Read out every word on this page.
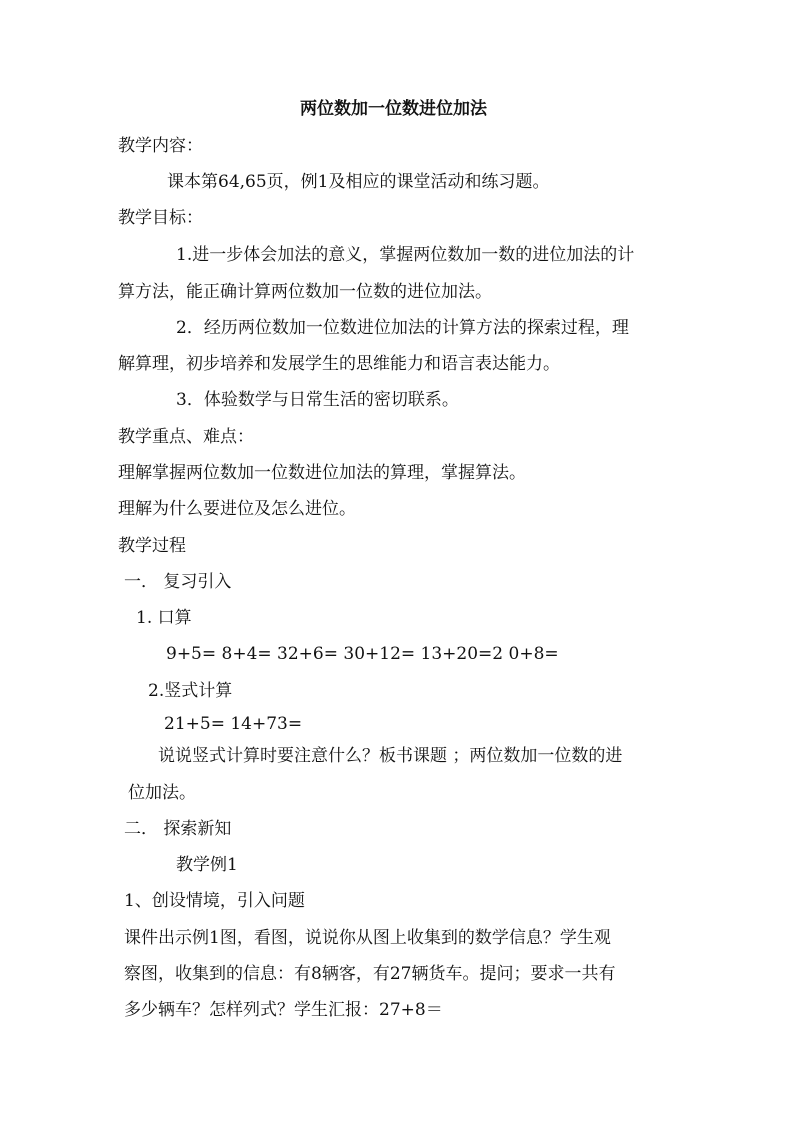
两位数加一位数进位加法
教学内容：
课本第64,65页，例1及相应的课堂活动和练习题。
教学目标：
1.进一步体会加法的意义，掌握两位数加一数的进位加法的计
算方法，能正确计算两位数加一位数的进位加法。
2．经历两位数加一位数进位加法的计算方法的探索过程，理
解算理，初步培养和发展学生的思维能力和语言表达能力。
3．体验数学与日常生活的密切联系。
教学重点、难点：
理解掌握两位数加一位数进位加法的算理，掌握算法。
理解为什么要进位及怎么进位。
教学过程
一． 复习引入
1. 口算
9+5= 8+4= 32+6= 30+12= 13+20=2 0+8=
2.竖式计算
21+5= 14+73=
说说竖式计算时要注意什么？板书课题 ；两位数加一位数的进
位加法。
二． 探索新知
教学例1
1、创设情境，引入问题
课件出示例1图，看图，说说你从图上收集到的数学信息？学生观
察图，收集到的信息：有8辆客，有27辆货车。提问；要求一共有
多少辆车？怎样列式？学生汇报：27+8＝
